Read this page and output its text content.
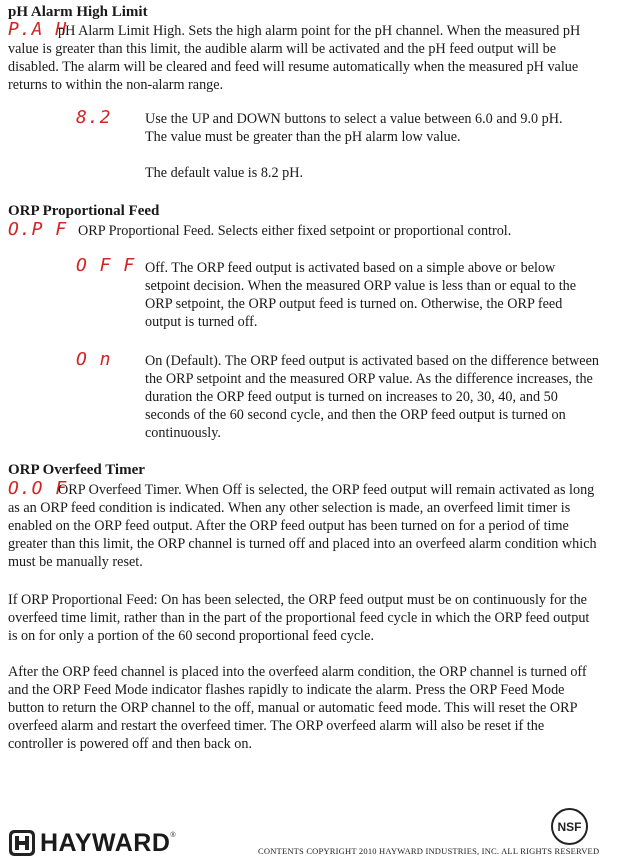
pH Alarm High Limit
P.A H
pH Alarm Limit High. Sets the high alarm point for the pH channel. When the measured pH value is greater than this limit, the audible alarm will be activated and the pH feed output will be disabled. The alarm will be cleared and feed will resume automatically when the measured pH value returns to within the non-alarm range.
8.2 Use the UP and DOWN buttons to select a value between 6.0 and 9.0 pH. The value must be greater than the pH alarm low value.
The default value is 8.2 pH.
ORP Proportional Feed
O.P F ORP Proportional Feed. Selects either fixed setpoint or proportional control.
O F F Off. The ORP feed output is activated based on a simple above or below setpoint decision. When the measured ORP value is less than or equal to the ORP setpoint, the ORP output feed is turned on. Otherwise, the ORP feed output is turned off.
O n On (Default). The ORP feed output is activated based on the difference between the ORP setpoint and the measured ORP value. As the difference increases, the duration the ORP feed output is turned on increases to 20, 30, 40, and 50 seconds of the 60 second cycle, and then the ORP feed output is turned on continuously.
ORP Overfeed Timer
O.O F
ORP Overfeed Timer. When Off is selected, the ORP feed output will remain activated as long as an ORP feed condition is indicated. When any other selection is made, an overfeed limit timer is enabled on the ORP feed output. After the ORP feed output has been turned on for a period of time greater than this limit, the ORP channel is turned off and placed into an overfeed alarm condition which must be manually reset.
If ORP Proportional Feed: On has been selected, the ORP feed output must be on continuously for the overfeed time limit, rather than in the part of the proportional feed cycle in which the ORP feed output is on for only a portion of the 60 second proportional feed cycle.
After the ORP feed channel is placed into the overfeed alarm condition, the ORP channel is turned off and the ORP Feed Mode indicator flashes rapidly to indicate the alarm. Press the ORP Feed Mode button to return the ORP channel to the off, manual or automatic feed mode. This will reset the ORP overfeed alarm and restart the overfeed timer. The ORP overfeed alarm will also be reset if the controller is powered off and then back on.
HAYWARD ®
NSF
CONTENTS COPYRIGHT 2010 HAYWARD INDUSTRIES, INC. ALL RIGHTS RESERVED
